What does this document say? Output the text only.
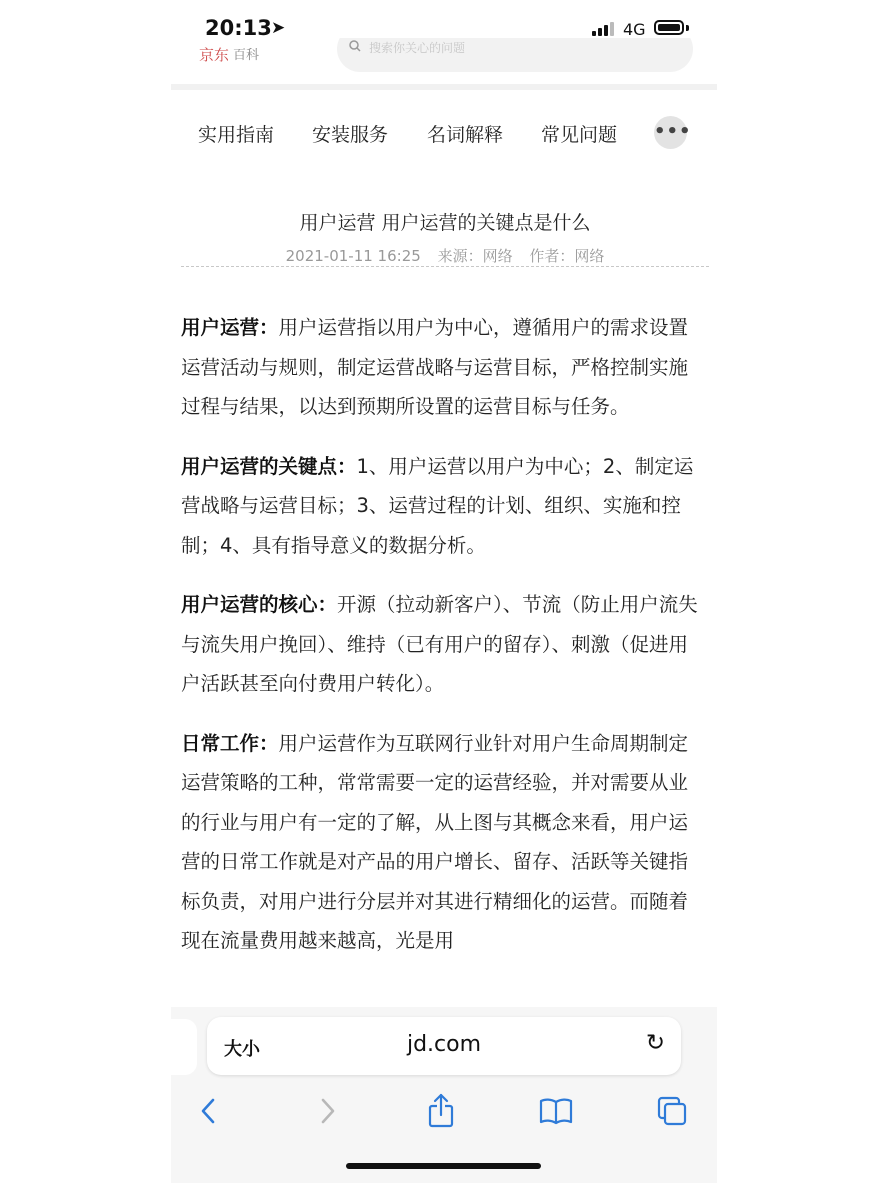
20:13 ➤	4G
京东 百科	搜索你关心的问题
实用指南 安装服务 名词解释 常见问题 •••
用户运营 用户运营的关键点是什么
2021-01-11 16:25 来源：网络 作者：网络

用户运营：用户运营指以用户为中心，遵循用户的需求设置运营活动与规则，制定运营战略与运营目标，严格控制实施过程与结果，以达到预期所设置的运营目标与任务。

用户运营的关键点：1、用户运营以用户为中心；2、制定运营战略与运营目标；3、运营过程的计划、组织、实施和控制；4、具有指导意义的数据分析。

用户运营的核心：开源（拉动新客户）、节流（防止用户流失与流失用户挽回）、维持（已有用户的留存）、刺激（促进用户活跃甚至向付费用户转化）。

日常工作：用户运营作为互联网行业针对用户生命周期制定运营策略的工种，常常需要一定的运营经验，并对需要从业的行业与用户有一定的了解，从上图与其概念来看，用户运营的日常工作就是对产品的用户增长、留存、活跃等关键指标负责，对用户进行分层并对其进行精细化的运营。而随着现在流量费用越来越高，光是用

大小	jd.com	↻
